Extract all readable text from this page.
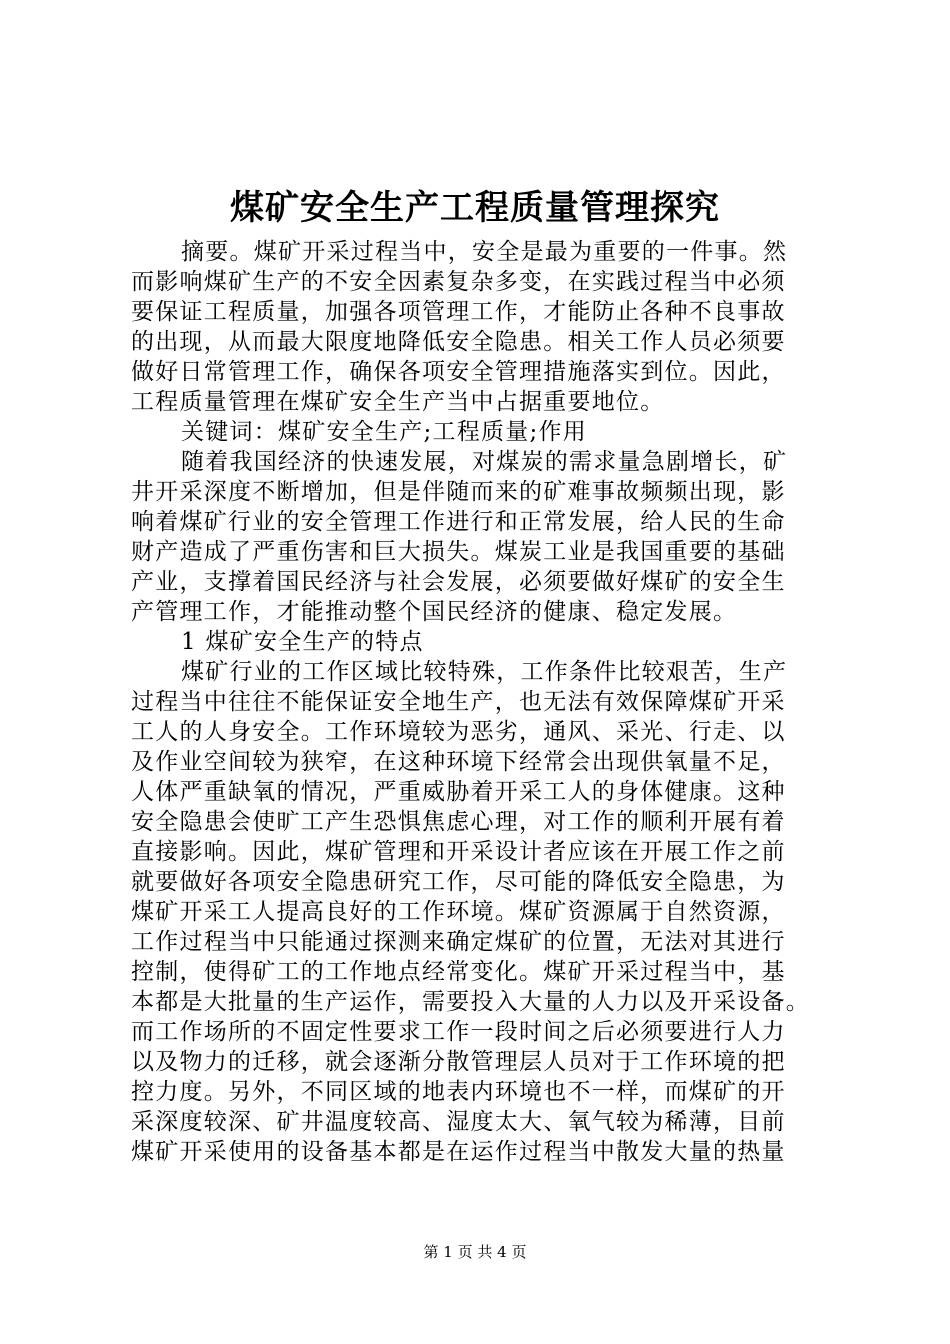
煤矿安全生产工程质量管理探究
摘要。煤矿开采过程当中，安全是最为重要的一件事。然
而影响煤矿生产的不安全因素复杂多变，在实践过程当中必须
要保证工程质量，加强各项管理工作，才能防止各种不良事故
的出现，从而最大限度地降低安全隐患。相关工作人员必须要
做好日常管理工作，确保各项安全管理措施落实到位。因此，
工程质量管理在煤矿安全生产当中占据重要地位。
关键词：煤矿安全生产;工程质量;作用
随着我国经济的快速发展，对煤炭的需求量急剧增长，矿
井开采深度不断增加，但是伴随而来的矿难事故频频出现，影
响着煤矿行业的安全管理工作进行和正常发展，给人民的生命
财产造成了严重伤害和巨大损失。煤炭工业是我国重要的基础
产业，支撑着国民经济与社会发展，必须要做好煤矿的安全生
产管理工作，才能推动整个国民经济的健康、稳定发展。
1 煤矿安全生产的特点
煤矿行业的工作区域比较特殊，工作条件比较艰苦，生产
过程当中往往不能保证安全地生产，也无法有效保障煤矿开采
工人的人身安全。工作环境较为恶劣，通风、采光、行走、以
及作业空间较为狭窄，在这种环境下经常会出现供氧量不足，
人体严重缺氧的情况，严重威胁着开采工人的身体健康。这种
安全隐患会使旷工产生恐惧焦虑心理，对工作的顺利开展有着
直接影响。因此，煤矿管理和开采设计者应该在开展工作之前
就要做好各项安全隐患研究工作，尽可能的降低安全隐患，为
煤矿开采工人提高良好的工作环境。煤矿资源属于自然资源，
工作过程当中只能通过探测来确定煤矿的位置，无法对其进行
控制，使得矿工的工作地点经常变化。煤矿开采过程当中，基
本都是大批量的生产运作，需要投入大量的人力以及开采设备。
而工作场所的不固定性要求工作一段时间之后必须要进行人力
以及物力的迁移，就会逐渐分散管理层人员对于工作环境的把
控力度。另外，不同区域的地表内环境也不一样，而煤矿的开
采深度较深、矿井温度较高、湿度太大、氧气较为稀薄，目前
煤矿开采使用的设备基本都是在运作过程当中散发大量的热量
第 1 页 共 4 页
